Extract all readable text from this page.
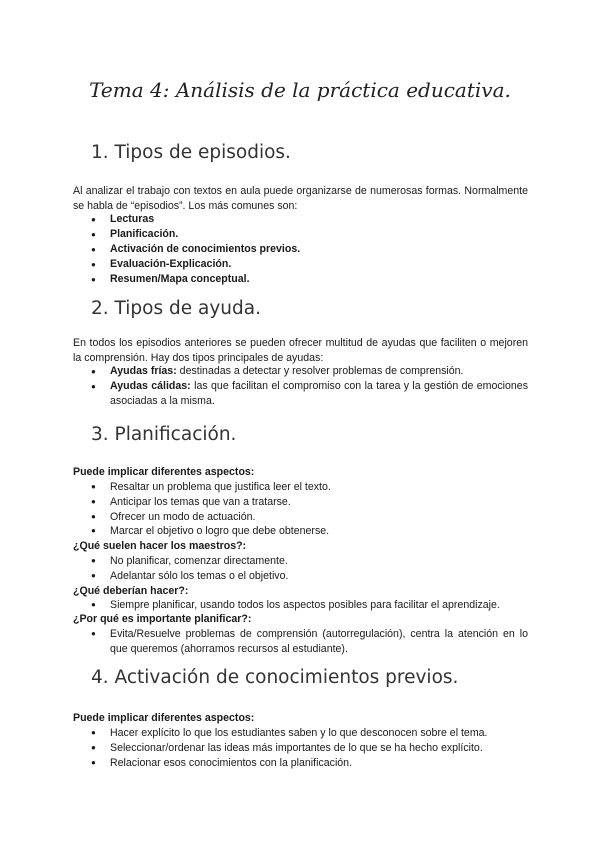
Tema 4: Análisis de la práctica educativa.
1. Tipos de episodios.

Al analizar el trabajo con textos en aula puede organizarse de numerosas formas. Normalmente se habla de “episodios”. Los más comunes son:

● Lecturas
● Planificación.
● Activación de conocimientos previos.
● Evaluación-Explicación.
● Resumen/Mapa conceptual.
2. Tipos de ayuda.

En todos los episodios anteriores se pueden ofrecer multitud de ayudas que faciliten o mejoren la comprensión. Hay dos tipos principales de ayudas:

● Ayudas frías: destinadas a detectar y resolver problemas de comprensión.
● Ayudas cálidas: las que facilitan el compromiso con la tarea y la gestión de emociones asociadas a la misma.
3. Planificación.

Puede implicar diferentes aspectos:

● Resaltar un problema que justifica leer el texto.
● Anticipar los temas que van a tratarse.
● Ofrecer un modo de actuación.
● Marcar el objetivo o logro que debe obtenerse.

¿Qué suelen hacer los maestros?:

● No planificar, comenzar directamente.
● Adelantar sólo los temas o el objetivo.

¿Qué deberían hacer?:

● Siempre planificar, usando todos los aspectos posibles para facilitar el aprendizaje.

¿Por qué es importante planificar?:

● Evita/Resuelve problemas de comprensión (autorregulación), centra la atención en lo que queremos (ahorramos recursos al estudiante).
4. Activación de conocimientos previos.

Puede implicar diferentes aspectos:

● Hacer explícito lo que los estudiantes saben y lo que desconocen sobre el tema.
● Seleccionar/ordenar las ideas más importantes de lo que se ha hecho explícito.
● Relacionar esos conocimientos con la planificación.
